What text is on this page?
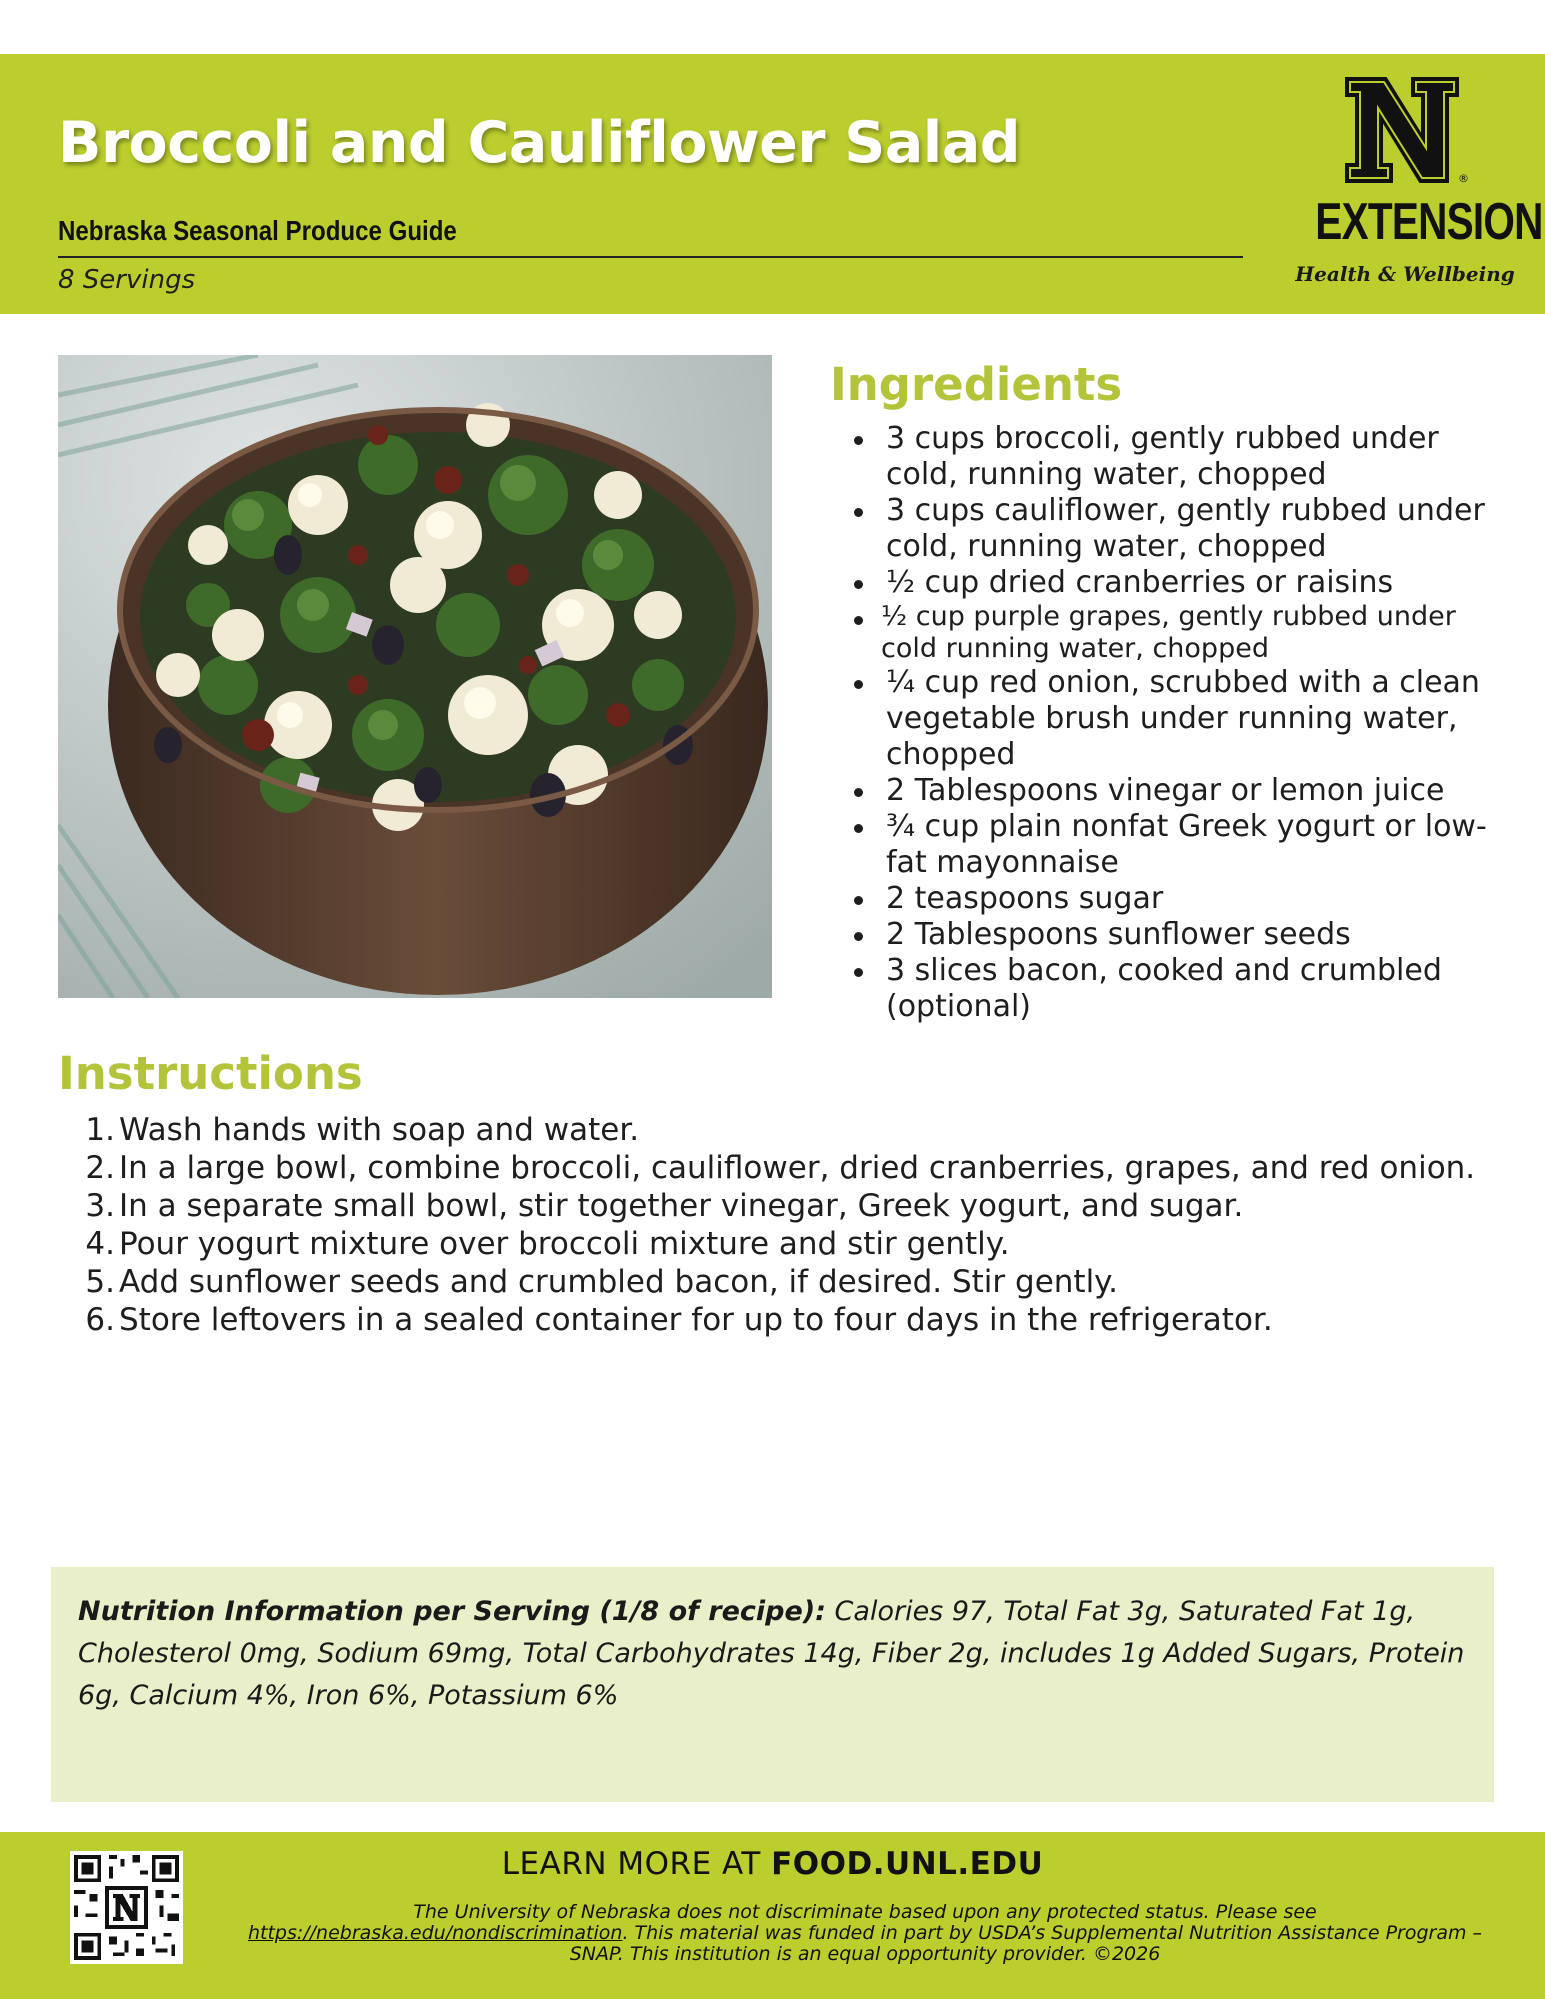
Broccoli and Cauliflower Salad
Nebraska Seasonal Produce Guide
8 Servings
®
EXTENSION
Health & Wellbeing
Ingredients
3 cups broccoli, gently rubbed under cold, running water, chopped
3 cups cauliflower, gently rubbed under cold, running water, chopped
½ cup dried cranberries or raisins
½ cup purple grapes, gently rubbed under cold running water, chopped
¼ cup red onion, scrubbed with a clean vegetable brush under running water, chopped
2 Tablespoons vinegar or lemon juice
¾ cup plain nonfat Greek yogurt or low-fat mayonnaise
2 teaspoons sugar
2 Tablespoons sunflower seeds
3 slices bacon, cooked and crumbled (optional)
Instructions
1. Wash hands with soap and water.
2. In a large bowl, combine broccoli, cauliflower, dried cranberries, grapes, and red onion.
3. In a separate small bowl, stir together vinegar, Greek yogurt, and sugar.
4. Pour yogurt mixture over broccoli mixture and stir gently.
5. Add sunflower seeds and crumbled bacon, if desired. Stir gently.
6. Store leftovers in a sealed container for up to four days in the refrigerator.

Nutrition Information per Serving (1/8 of recipe): Calories 97, Total Fat 3g, Saturated Fat 1g, Cholesterol 0mg, Sodium 69mg, Total Carbohydrates 14g, Fiber 2g, includes 1g Added Sugars, Protein 6g, Calcium 4%, Iron 6%, Potassium 6%

LEARN MORE AT FOOD.UNL.EDU
The University of Nebraska does not discriminate based upon any protected status. Please see
https://nebraska.edu/nondiscrimination. This material was funded in part by USDA’s Supplemental Nutrition Assistance Program – SNAP. This institution is an equal opportunity provider. ©2026
